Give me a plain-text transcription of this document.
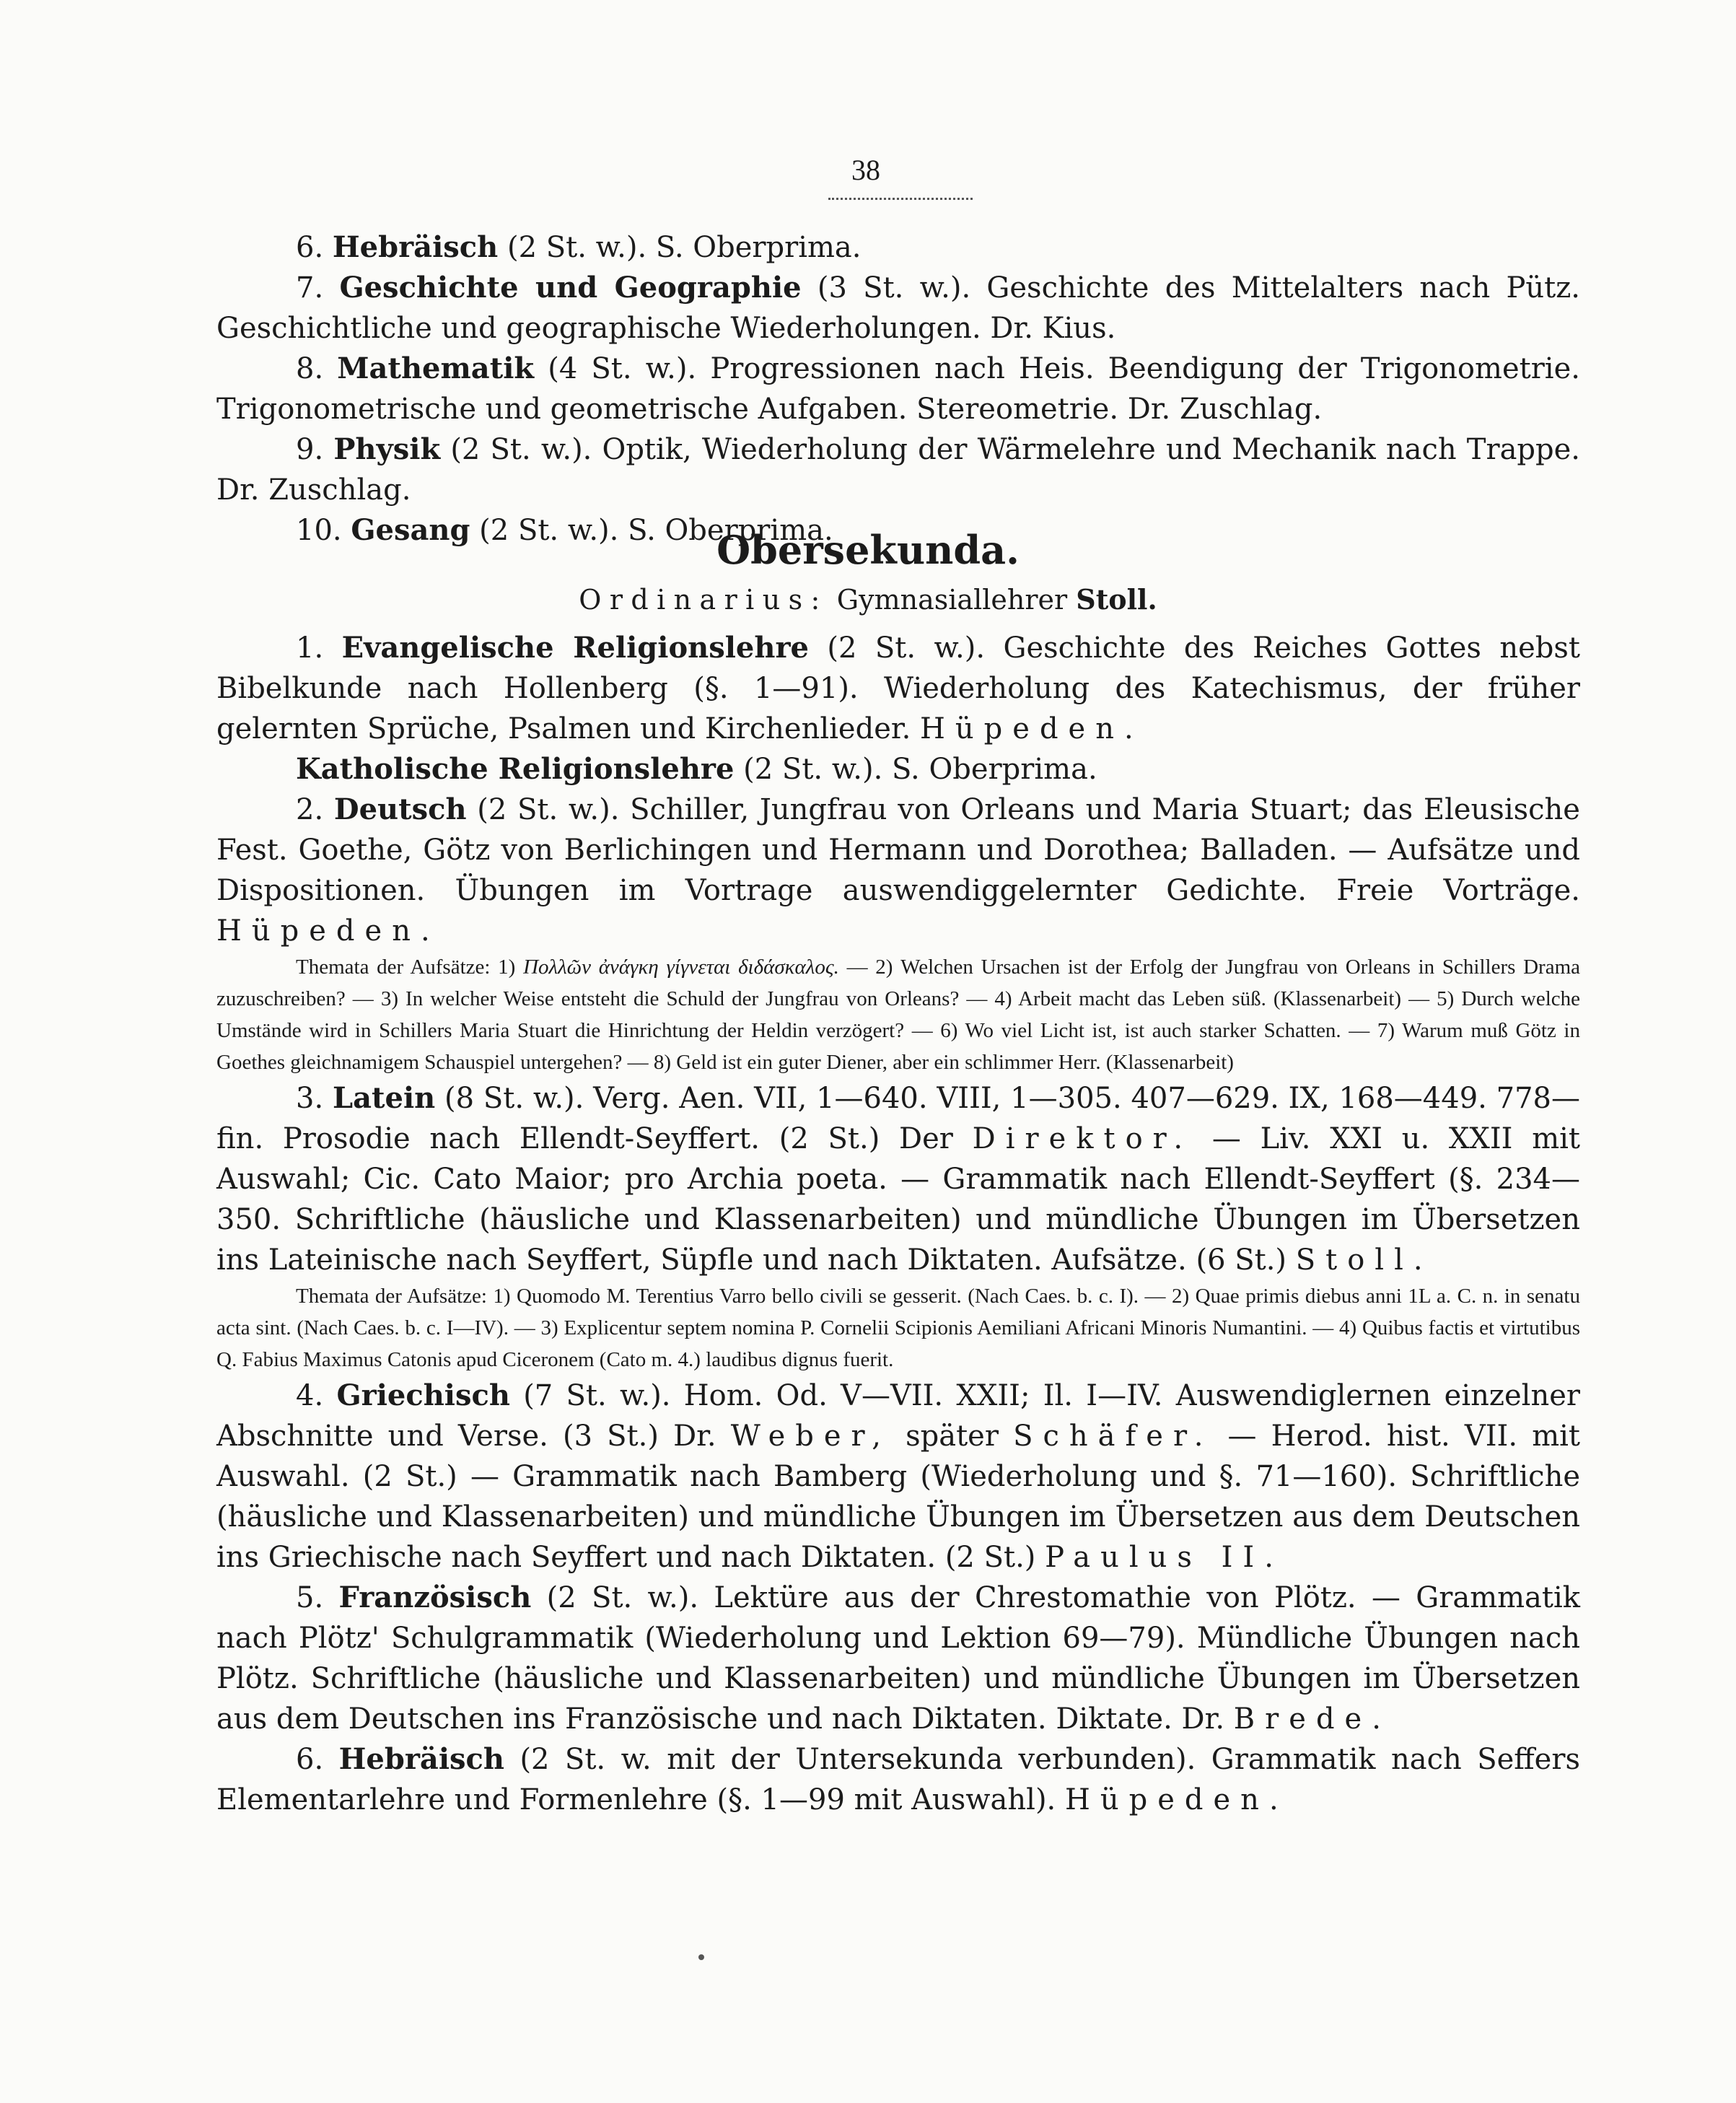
38

6. Hebräisch (2 St. w.). S. Oberprima.

7. Geschichte und Geographie (3 St. w.). Geschichte des Mittelalters nach Pütz. Geschichtliche und geographische Wiederholungen. Dr. Kius.

8. Mathematik (4 St. w.). Progressionen nach Heis. Beendigung der Trigonometrie. Trigonometrische und geometrische Aufgaben. Stereometrie. Dr. Zuschlag.

9. Physik (2 St. w.). Optik, Wiederholung der Wärmelehre und Mechanik nach Trappe. Dr. Zuschlag.

10. Gesang (2 St. w.). S. Oberprima.

Obersekunda.
Ordinarius: Gymnasiallehrer Stoll.

1. Evangelische Religionslehre (2 St. w.). Geschichte des Reiches Gottes nebst Bibelkunde nach Hollenberg (§. 1—91). Wiederholung des Katechismus, der früher gelernten Sprüche, Psalmen und Kirchenlieder. Hüpeden.

Katholische Religionslehre (2 St. w.). S. Oberprima.

2. Deutsch (2 St. w.). Schiller, Jungfrau von Orleans und Maria Stuart; das Eleusische Fest. Goethe, Götz von Berlichingen und Hermann und Dorothea; Balladen. — Aufsätze und Dispositionen. Übungen im Vortrage auswendiggelernter Gedichte. Freie Vorträge. Hüpeden.

Themata der Aufsätze: 1) Πολλῶν ἀνάγκη γίγνεται διδάσκαλος. — 2) Welchen Ursachen ist der Erfolg der Jungfrau von Orleans in Schillers Drama zuzuschreiben? — 3) In welcher Weise entsteht die Schuld der Jungfrau von Orleans? — 4) Arbeit macht das Leben süß. (Klassenarbeit) — 5) Durch welche Umstände wird in Schillers Maria Stuart die Hinrichtung der Heldin verzögert? — 6) Wo viel Licht ist, ist auch starker Schatten. — 7) Warum muß Götz in Goethes gleichnamigem Schauspiel untergehen? — 8) Geld ist ein guter Diener, aber ein schlimmer Herr. (Klassenarbeit)

3. Latein (8 St. w.). Verg. Aen. VII, 1—640. VIII, 1—305. 407—629. IX, 168—449. 778—fin. Prosodie nach Ellendt-Seyffert. (2 St.) Der Direktor. — Liv. XXI u. XXII mit Auswahl; Cic. Cato Maior; pro Archia poeta. — Grammatik nach Ellendt-Seyffert (§. 234—350. Schriftliche (häusliche und Klassenarbeiten) und mündliche Übungen im Übersetzen ins Lateinische nach Seyffert, Süpfle und nach Diktaten. Aufsätze. (6 St.) Stoll.

Themata der Aufsätze: 1) Quomodo M. Terentius Varro bello civili se gesserit. (Nach Caes. b. c. I). — 2) Quae primis diebus anni 1L a. C. n. in senatu acta sint. (Nach Caes. b. c. I—IV). — 3) Explicentur septem nomina P. Cornelii Scipionis Aemiliani Africani Minoris Numantini. — 4) Quibus factis et virtutibus Q. Fabius Maximus Catonis apud Ciceronem (Cato m. 4.) laudibus dignus fuerit.

4. Griechisch (7 St. w.). Hom. Od. V—VII. XXII; Il. I—IV. Auswendiglernen einzelner Abschnitte und Verse. (3 St.) Dr. Weber, später Schäfer. — Herod. hist. VII. mit Auswahl. (2 St.) — Grammatik nach Bamberg (Wiederholung und §. 71—160). Schriftliche (häusliche und Klassenarbeiten) und mündliche Übungen im Übersetzen aus dem Deutschen ins Griechische nach Seyffert und nach Diktaten. (2 St.) Paulus II.

5. Französisch (2 St. w.). Lektüre aus der Chrestomathie von Plötz. — Grammatik nach Plötz' Schulgrammatik (Wiederholung und Lektion 69—79). Mündliche Übungen nach Plötz. Schriftliche (häusliche und Klassenarbeiten) und mündliche Übungen im Übersetzen aus dem Deutschen ins Französische und nach Diktaten. Diktate. Dr. Brede.

6. Hebräisch (2 St. w. mit der Untersekunda verbunden). Grammatik nach Seffers Elementarlehre und Formenlehre (§. 1—99 mit Auswahl). Hüpeden.
